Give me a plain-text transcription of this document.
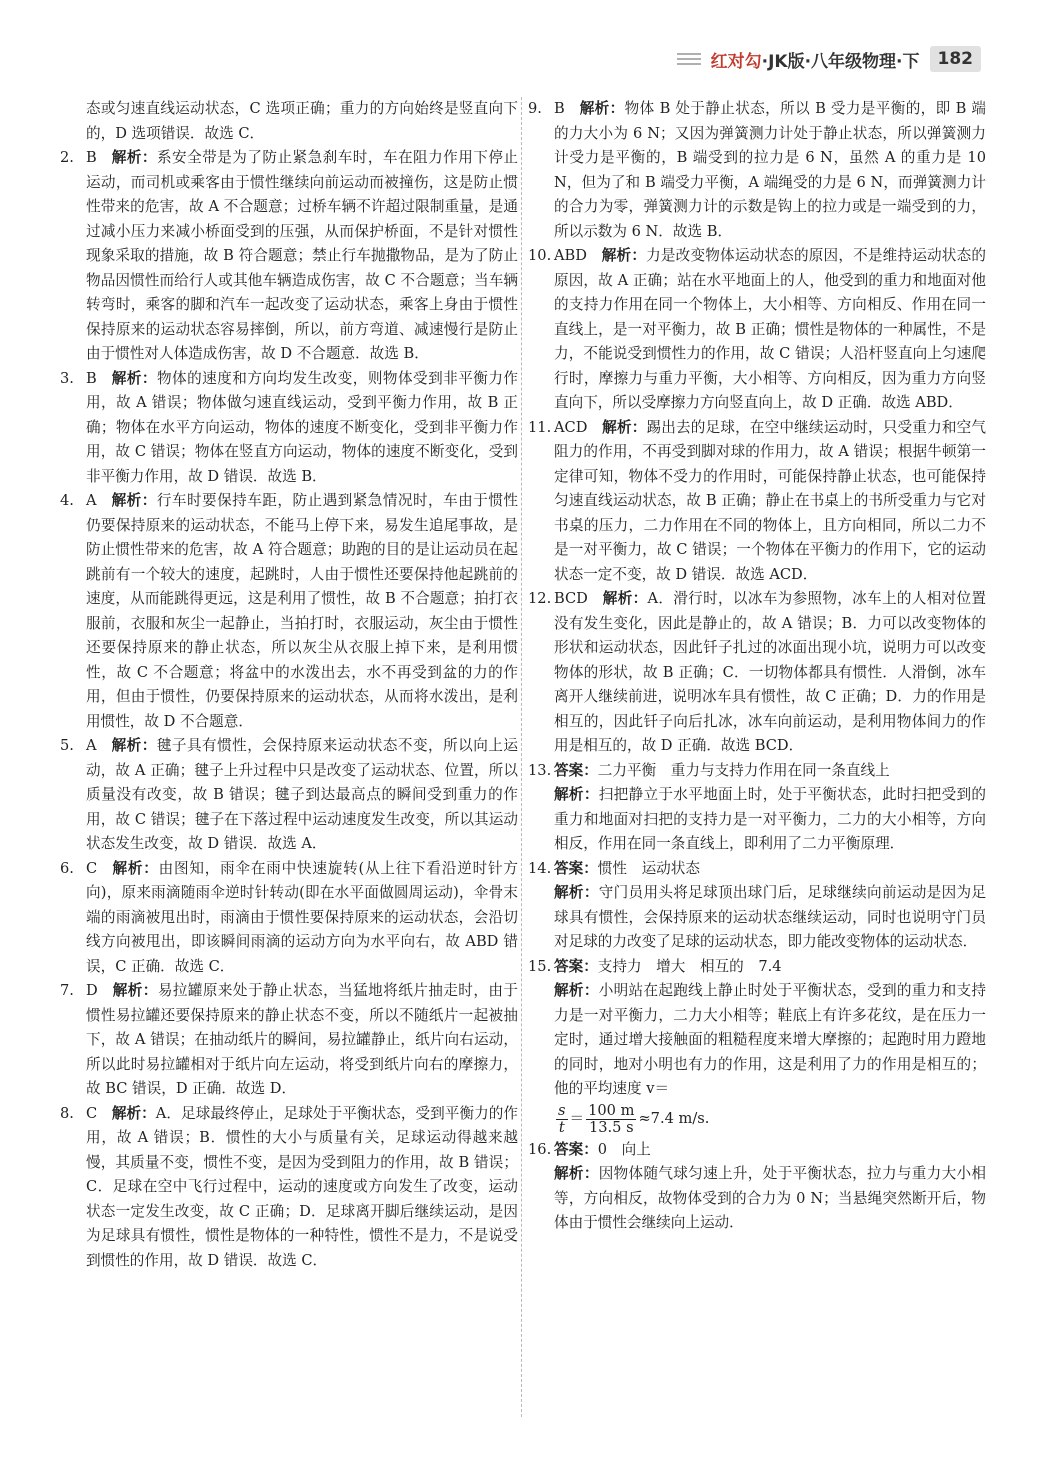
红对勾 ·JK版·八年级物理·下	182
态或匀速直线运动状态，C 选项正确；重力的方向始终是竖直向下的，D 选项错误．故选 C．
2. B  解析：系安全带是为了防止紧急刹车时，车在阻力作用下停止运动，而司机或乘客由于惯性继续向前运动而被撞伤，这是防止惯性带来的危害，故 A 不合题意；过桥车辆不许超过限制重量，是通过减小压力来减小桥面受到的压强，从而保护桥面，不是针对惯性现象采取的措施，故 B 符合题意；禁止行车抛撒物品，是为了防止物品因惯性而给行人或其他车辆造成伤害，故 C 不合题意；当车辆转弯时，乘客的脚和汽车一起改变了运动状态，乘客上身由于惯性保持原来的运动状态容易摔倒，所以，前方弯道、减速慢行是防止由于惯性对人体造成伤害，故 D 不合题意．故选 B．
3. B  解析：物体的速度和方向均发生改变，则物体受到非平衡力作用，故 A 错误；物体做匀速直线运动，受到平衡力作用，故 B 正确；物体在水平方向运动，物体的速度不断变化，受到非平衡力作用，故 C 错误；物体在竖直方向运动，物体的速度不断变化，受到非平衡力作用，故 D 错误．故选 B．
4. A  解析：行车时要保持车距，防止遇到紧急情况时，车由于惯性仍要保持原来的运动状态，不能马上停下来，易发生追尾事故，是防止惯性带来的危害，故 A 符合题意；助跑的目的是让运动员在起跳前有一个较大的速度，起跳时，人由于惯性还要保持他起跳前的速度，从而能跳得更远，这是利用了惯性，故 B 不合题意；拍打衣服前，衣服和灰尘一起静止，当拍打时，衣服运动，灰尘由于惯性还要保持原来的静止状态，所以灰尘从衣服上掉下来，是利用惯性，故 C 不合题意；将盆中的水泼出去，水不再受到盆的力的作用，但由于惯性，仍要保持原来的运动状态，从而将水泼出，是利用惯性，故 D 不合题意．
5. A  解析：毽子具有惯性，会保持原来运动状态不变，所以向上运动，故 A 正确；毽子上升过程中只是改变了运动状态、位置，所以质量没有改变，故 B 错误；毽子到达最高点的瞬间受到重力的作用，故 C 错误；毽子在下落过程中运动速度发生改变，所以其运动状态发生改变，故 D 错误．故选 A．
6. C  解析：由图知，雨伞在雨中快速旋转(从上往下看沿逆时针方向)，原来雨滴随雨伞逆时针转动(即在水平面做圆周运动)，伞骨末端的雨滴被甩出时，雨滴由于惯性要保持原来的运动状态，会沿切线方向被甩出，即该瞬间雨滴的运动方向为水平向右，故 ABD 错误，C 正确．故选 C．
7. D  解析：易拉罐原来处于静止状态，当猛地将纸片抽走时，由于惯性易拉罐还要保持原来的静止状态不变，所以不随纸片一起被抽下，故 A 错误；在抽动纸片的瞬间，易拉罐静止，纸片向右运动，所以此时易拉罐相对于纸片向左运动，将受到纸片向右的摩擦力，故 BC 错误，D 正确．故选 D．
8. C  解析：A．足球最终停止，足球处于平衡状态，受到平衡力的作用，故 A 错误；B．惯性的大小与质量有关，足球运动得越来越慢，其质量不变，惯性不变，是因为受到阻力的作用，故 B 错误；C．足球在空中飞行过程中，运动的速度或方向发生了改变，运动状态一定发生改变，故 C 正确；D．足球离开脚后继续运动，是因为足球具有惯性，惯性是物体的一种特性，惯性不是力，不是说受到惯性的作用，故 D 错误．故选 C．
9. B  解析：物体 B 处于静止状态，所以 B 受力是平衡的，即 B 端的力大小为 6 N；又因为弹簧测力计处于静止状态，所以弹簧测力计受力是平衡的，B 端受到的拉力是 6 N，虽然 A 的重力是 10 N，但为了和 B 端受力平衡，A 端绳受的力是 6 N，而弹簧测力计的合力为零，弹簧测力计的示数是钩上的拉力或是一端受到的力，所以示数为 6 N．故选 B．
10. ABD  解析：力是改变物体运动状态的原因，不是维持运动状态的原因，故 A 正确；站在水平地面上的人，他受到的重力和地面对他的支持力作用在同一个物体上，大小相等、方向相反、作用在同一直线上，是一对平衡力，故 B 正确；惯性是物体的一种属性，不是力，不能说受到惯性力的作用，故 C 错误；人沿杆竖直向上匀速爬行时，摩擦力与重力平衡，大小相等、方向相反，因为重力方向竖直向下，所以受摩擦力方向竖直向上，故 D 正确．故选 ABD．
11. ACD  解析：踢出去的足球，在空中继续运动时，只受重力和空气阻力的作用，不再受到脚对球的作用力，故 A 错误；根据牛顿第一定律可知，物体不受力的作用时，可能保持静止状态，也可能保持匀速直线运动状态，故 B 正确；静止在书桌上的书所受重力与它对书桌的压力，二力作用在不同的物体上，且方向相同，所以二力不是一对平衡力，故 C 错误；一个物体在平衡力的作用下，它的运动状态一定不变，故 D 错误．故选 ACD．
12. BCD  解析：A．滑行时，以冰车为参照物，冰车上的人相对位置没有发生变化，因此是静止的，故 A 错误；B．力可以改变物体的形状和运动状态，因此钎子扎过的冰面出现小坑，说明力可以改变物体的形状，故 B 正确；C．一切物体都具有惯性．人滑倒，冰车离开人继续前进，说明冰车具有惯性，故 C 正确；D．力的作用是相互的，因此钎子向后扎冰，冰车向前运动，是利用物体间力的作用是相互的，故 D 正确．故选 BCD．
13. 答案：二力平衡　重力与支持力作用在同一条直线上
解析：扫把静立于水平地面上时，处于平衡状态，此时扫把受到的重力和地面对扫把的支持力是一对平衡力，二力的大小相等，方向相反，作用在同一条直线上，即利用了二力平衡原理．
14. 答案：惯性　运动状态
解析：守门员用头将足球顶出球门后，足球继续向前运动是因为足球具有惯性，会保持原来的运动状态继续运动，同时也说明守门员对足球的力改变了足球的运动状态，即力能改变物体的运动状态．
15. 答案：支持力　增大　相互的　7.4
解析：小明站在起跑线上静止时处于平衡状态，受到的重力和支持力是一对平衡力，二力大小相等；鞋底上有许多花纹，是在压力一定时，通过增大接触面的粗糙程度来增大摩擦的；起跑时用力蹬地的同时，地对小明也有力的作用，这是利用了力的作用是相互的；他的平均速度 v＝
$\frac{s}{t} = \frac{100 m}{13.5 s} \approx 7.4$ m/s.
16. 答案：0　向上
解析：因物体随气球匀速上升，处于平衡状态，拉力与重力大小相等，方向相反，故物体受到的合力为 0 N；当悬绳突然断开后，物体由于惯性会继续向上运动．
